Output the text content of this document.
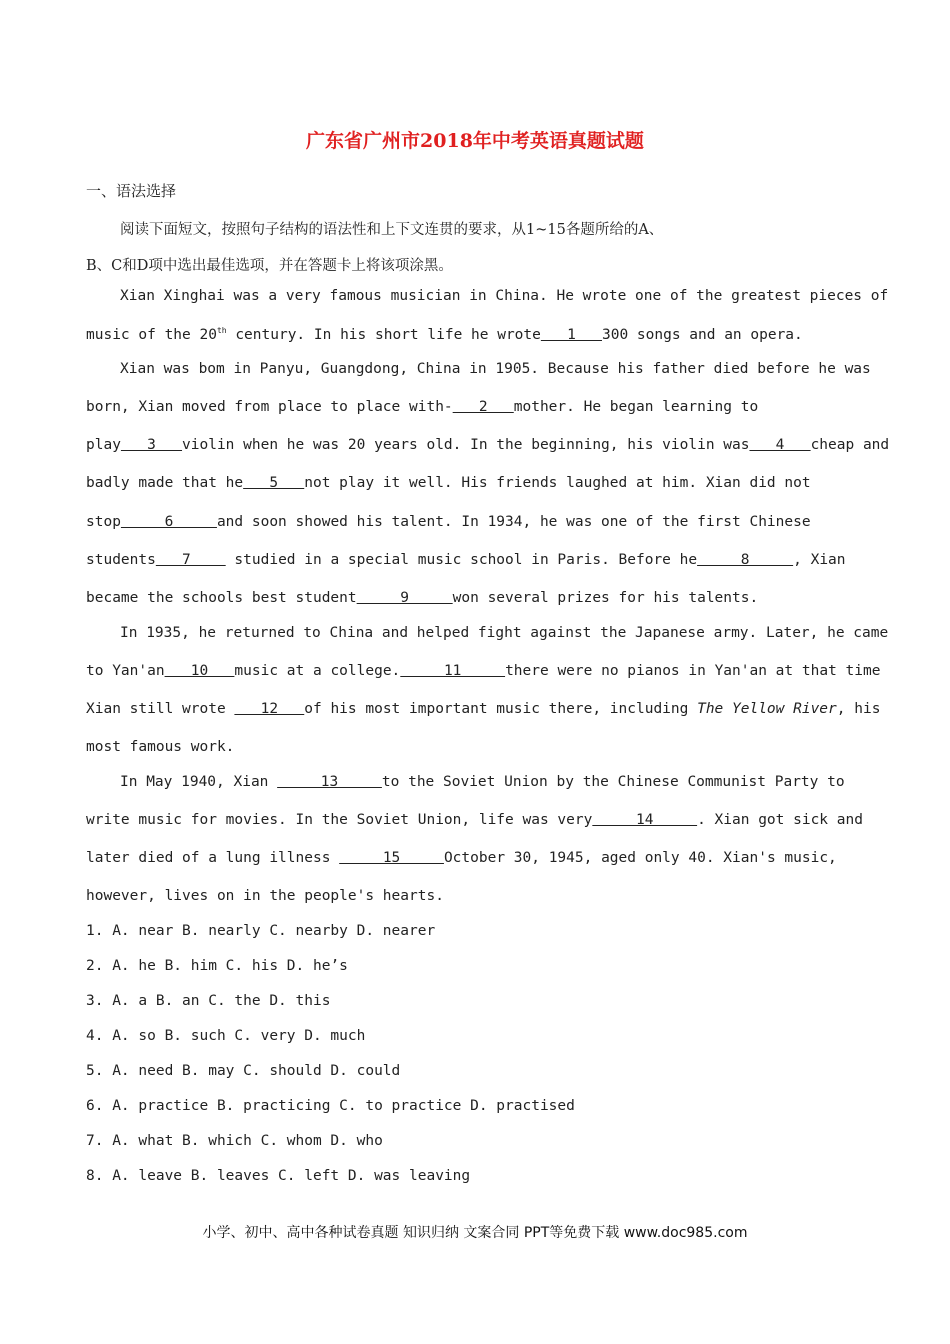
广东省广州市2018年中考英语真题试题
一、语法选择
阅读下面短文，按照句子结构的语法性和上下文连贯的要求，从1~15各题所给的A、
B、C和D项中选出最佳选项，并在答题卡上将该项涂黑。
Xian Xinghai was a very famous musician in China. He wrote one of the greatest pieces of
music of the 20th century. In his short life he wrote   1   300 songs and an opera.
Xian was bom in Panyu, Guangdong, China in 1905. Because his father died before he was
born, Xian moved from place to place with-   2   mother. He began learning to
play   3   violin when he was 20 years old. In the beginning, his violin was   4   cheap and
badly made that he   5   not play it well. His friends laughed at him. Xian did not
stop     6     and soon showed his talent. In 1934, he was one of the first Chinese
students   7     studied in a special music school in Paris. Before he     8     , Xian
became the schools best student     9     won several prizes for his talents.
In 1935, he returned to China and helped fight against the Japanese army. Later, he came
to Yan'an   10   music at a college.     11     there were no pianos in Yan'an at that time
Xian still wrote    12   of his most important music there, including The Yellow River, his
most famous work.
In May 1940, Xian      13     to the Soviet Union by the Chinese Communist Party to
write music for movies. In the Soviet Union, life was very     14     . Xian got sick and
later died of a lung illness      15     October 30, 1945, aged only 40. Xian's music,
however, lives on in the people's hearts.
1. A. near B. nearly C. nearby D. nearer
2. A. he B. him C. his D. he’s
3. A. a B. an C. the D. this
4. A. so B. such C. very D. much
5. A. need B. may C. should D. could
6. A. practice B. practicing C. to practice D. practised
7. A. what B. which C. whom D. who
8. A. leave B. leaves C. left D. was leaving
小学、初中、高中各种试卷真题 知识归纳 文案合同 PPT等免费下载 www.doc985.com
